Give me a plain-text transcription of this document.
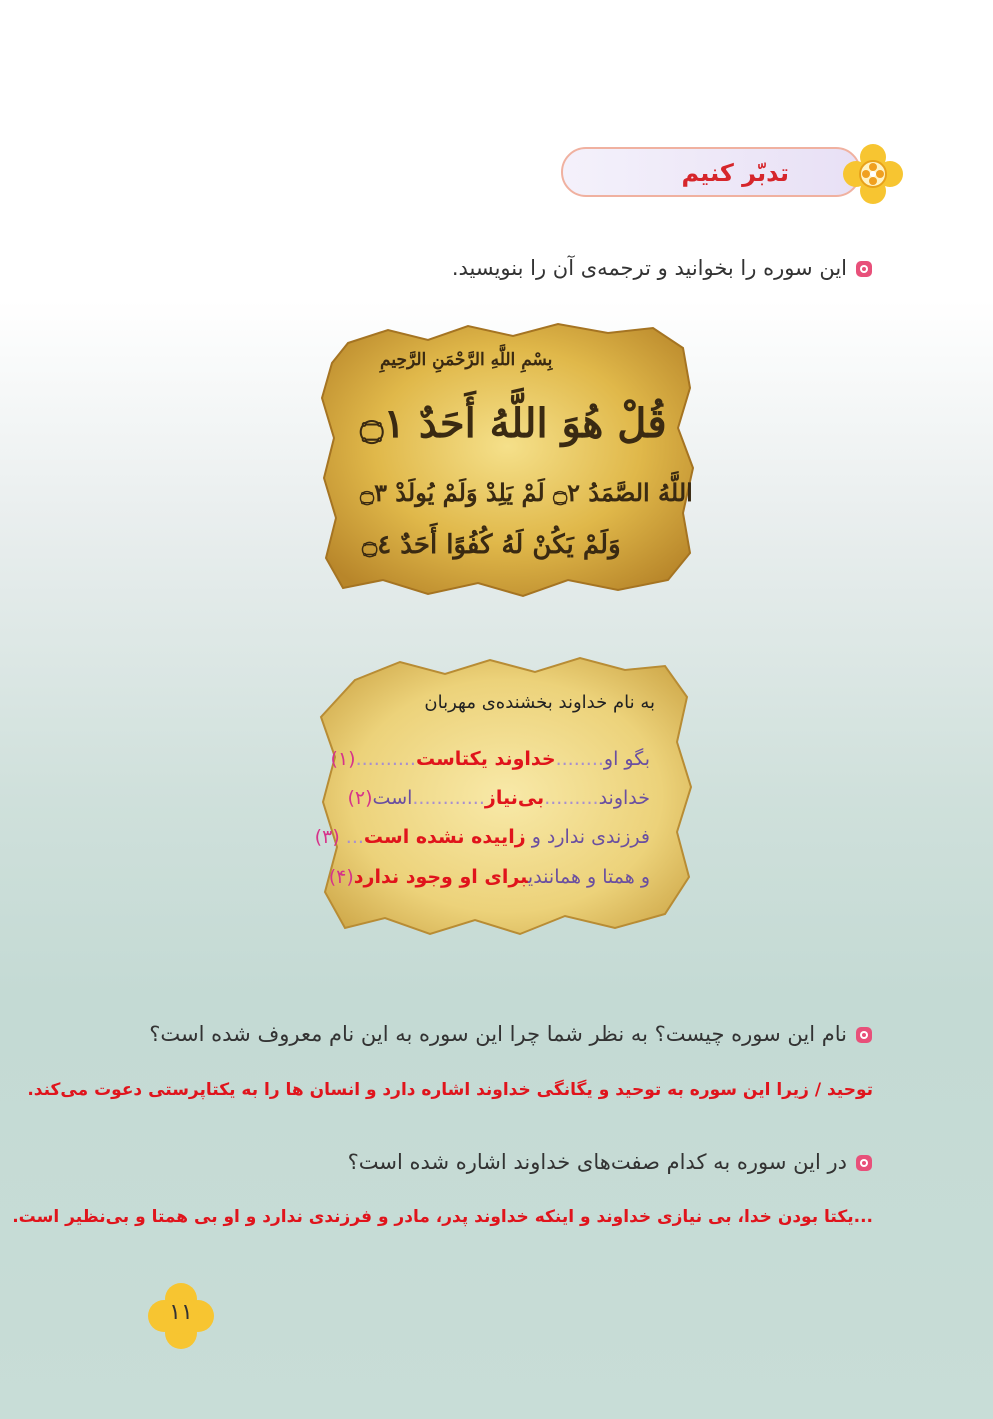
تدبّر کنیم
این سوره را بخوانید و ترجمه‌ی آن را بنویسید.
بِسْمِ اللَّهِ الرَّحْمَنِ الرَّحِيمِ
قُلْ هُوَ اللَّهُ أَحَدٌ ۝١
اللَّهُ الصَّمَدُ ۝٢ لَمْ يَلِدْ وَلَمْ يُولَدْ ۝٣
وَلَمْ يَكُنْ لَهُ كُفُوًا أَحَدٌ ۝٤
به نام خداوند بخشنده‌ی مهربان
بگو او........خداوند یکتاست..........(۱)
خداوند.........بی‌نیاز............است(۲)
فرزندی ندارد و زاییده نشده است... (۳)
و همتا و همانندیبرای او وجود ندارد(۴)
نام این سوره چیست؟ به نظر شما چرا این سوره به این نام معروف شده است؟
توحید / زیرا این سوره به توحید و یگانگی خداوند اشاره دارد و انسان ها را به یکتاپرستی دعوت می‌کند.
در این سوره به کدام صفت‌های خداوند اشاره شده است؟
...یکتا بودن خدا، بی نیازی خداوند و اینکه خداوند پدر، مادر و فرزندی ندارد و او بی همتا و بی‌نظیر است.
۱۱
